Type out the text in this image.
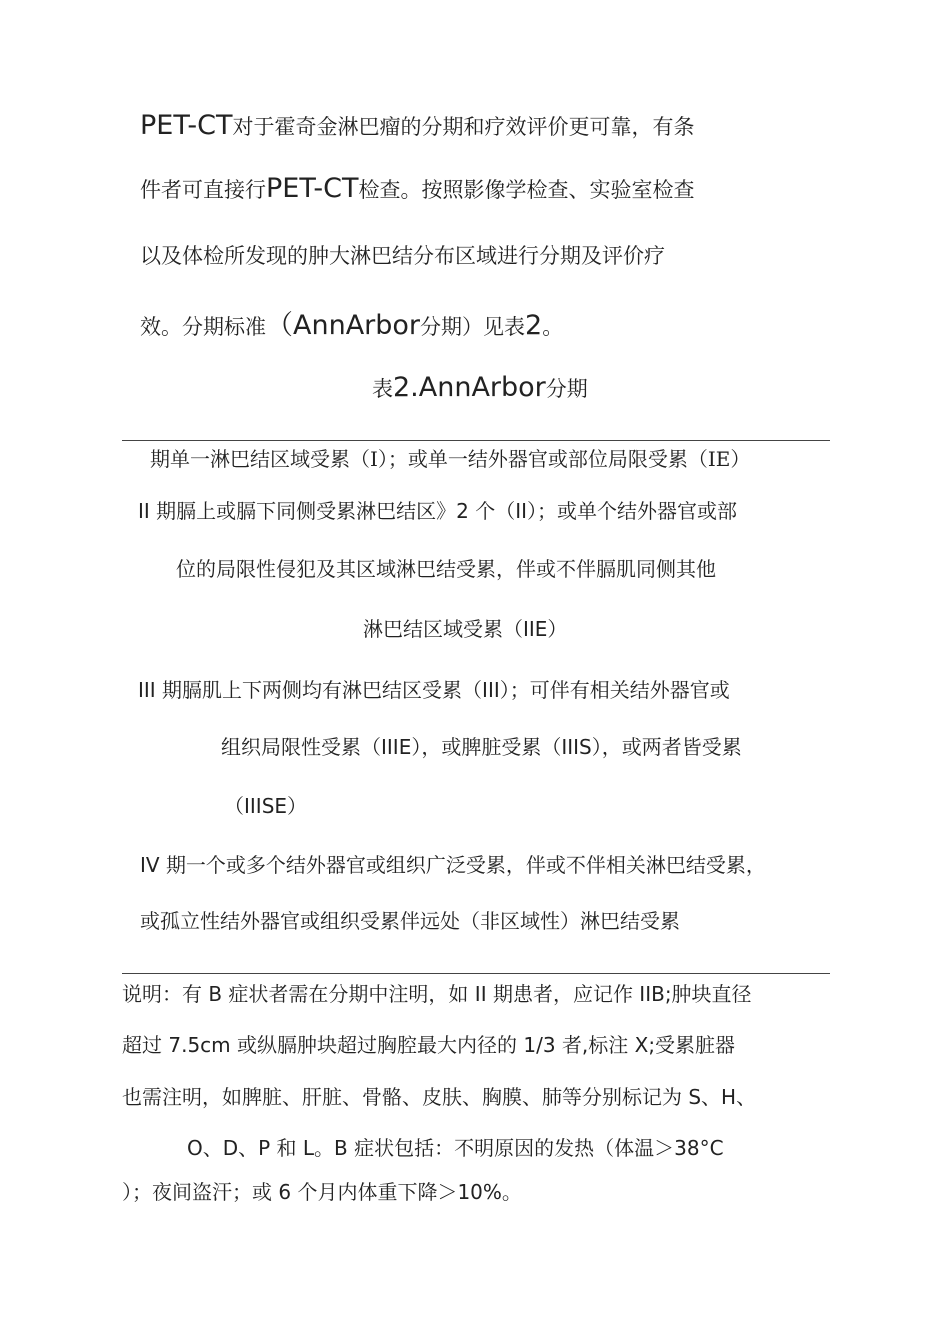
PET-CT对于霍奇金淋巴瘤的分期和疗效评价更可靠，有条
件者可直接行PET-CT检查。按照影像学检查、实验室检查
以及体检所发现的肿大淋巴结分布区域进行分期及评价疗
效。分期标准（AnnArbor分期）见表2。
表2.AnnArbor分期
期单一淋巴结区域受累（I）；或单一结外器官或部位局限受累（IE）
II 期膈上或膈下同侧受累淋巴结区》2 个（II）；或单个结外器官或部
位的局限性侵犯及其区域淋巴结受累，伴或不伴膈肌同侧其他
淋巴结区域受累（IIE）
III 期膈肌上下两侧均有淋巴结区受累（III）；可伴有相关结外器官或
组织局限性受累（IIIE），或脾脏受累（IIIS），或两者皆受累
（IIISE）
IV 期一个或多个结外器官或组织广泛受累，伴或不伴相关淋巴结受累，
或孤立性结外器官或组织受累伴远处（非区域性）淋巴结受累
说明：有 B 症状者需在分期中注明，如 II 期患者，应记作 IIB;肿块直径
超过 7.5cm 或纵膈肿块超过胸腔最大内径的 1/3 者,标注 X;受累脏器
也需注明，如脾脏、肝脏、骨骼、皮肤、胸膜、肺等分别标记为 S、H、
O、D、P 和 L。B 症状包括：不明原因的发热（体温＞38°C
）；夜间盗汗；或 6 个月内体重下降＞10%。
